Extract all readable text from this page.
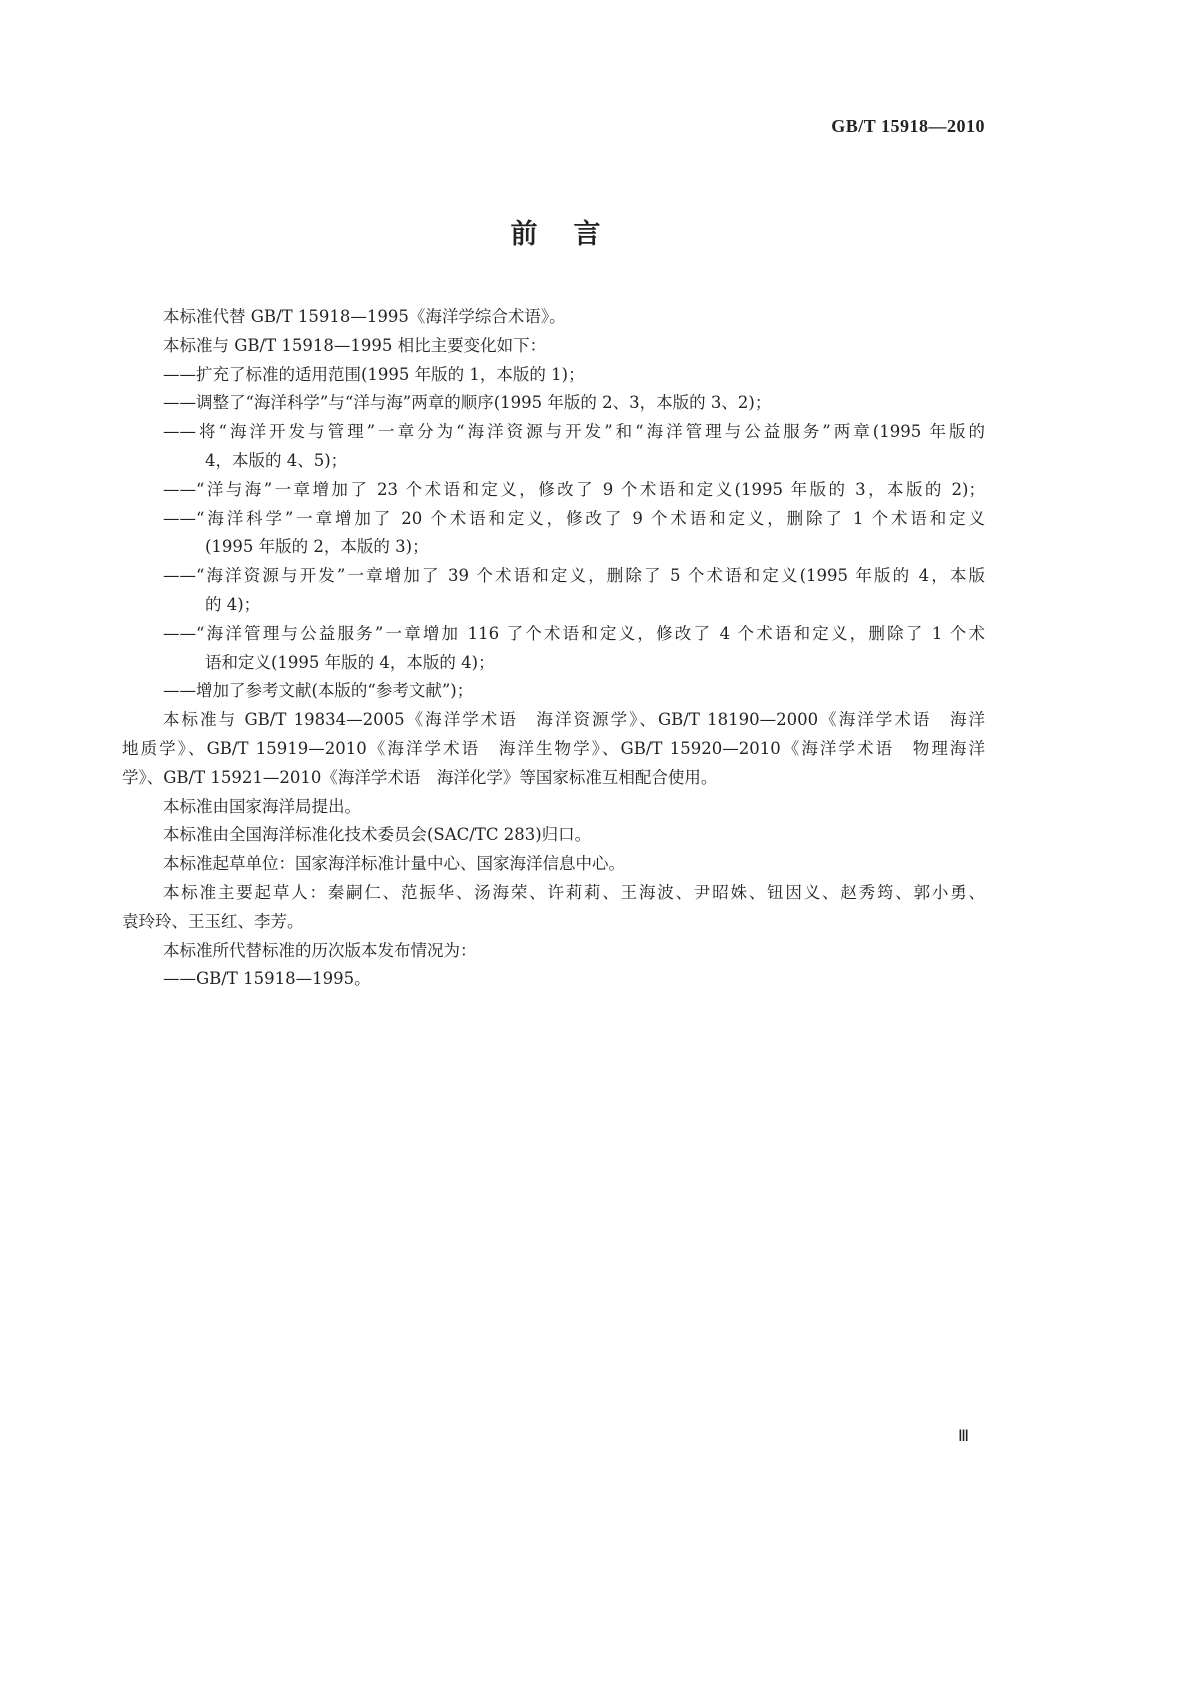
GB/T 15918—2010
前言
本标准代替 GB/T 15918—1995《海洋学综合术语》。
本标准与 GB/T 15918—1995 相比主要变化如下：
——扩充了标准的适用范围(1995 年版的 1，本版的 1)；
——调整了“海洋科学”与“洋与海”两章的顺序(1995 年版的 2、3，本版的 3、2)；
——将“海洋开发与管理”一章分为“海洋资源与开发”和“海洋管理与公益服务”两章(1995 年版的
4，本版的 4、5)；
——“洋与海”一章增加了 23 个术语和定义，修改了 9 个术语和定义(1995 年版的 3，本版的 2)；
——“海洋科学”一章增加了 20 个术语和定义，修改了 9 个术语和定义，删除了 1 个术语和定义
(1995 年版的 2，本版的 3)；
——“海洋资源与开发”一章增加了 39 个术语和定义，删除了 5 个术语和定义(1995 年版的 4，本版
的 4)；
——“海洋管理与公益服务”一章增加 116 了个术语和定义，修改了 4 个术语和定义，删除了 1 个术
语和定义(1995 年版的 4，本版的 4)；
——增加了参考文献(本版的“参考文献”)；
本标准与 GB/T 19834—2005《海洋学术语　海洋资源学》、GB/T 18190—2000《海洋学术语　海洋
地质学》、GB/T 15919—2010《海洋学术语　海洋生物学》、GB/T 15920—2010《海洋学术语　物理海洋
学》、GB/T 15921—2010《海洋学术语　海洋化学》等国家标准互相配合使用。
本标准由国家海洋局提出。
本标准由全国海洋标准化技术委员会(SAC/TC 283)归口。
本标准起草单位：国家海洋标准计量中心、国家海洋信息中心。
本标准主要起草人：秦嗣仁、范振华、汤海荣、许莉莉、王海波、尹昭姝、钮因义、赵秀筠、郭小勇、
袁玲玲、王玉红、李芳。
本标准所代替标准的历次版本发布情况为：
——GB/T 15918—1995。
Ⅲ
